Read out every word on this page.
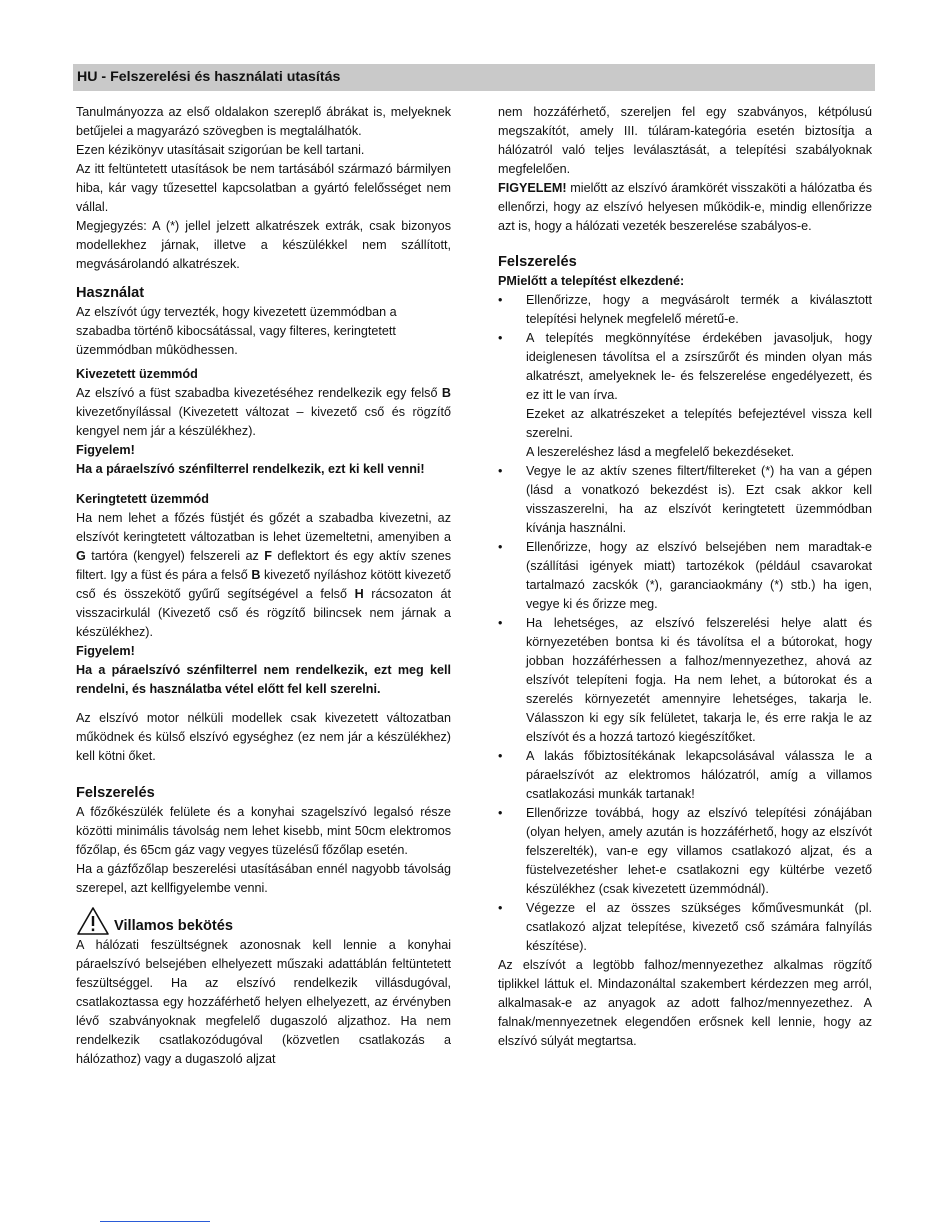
HU - Felszerelési és használati utasítás

Tanulmányozza az első oldalakon szereplő ábrákat is, melyeknek betűjelei a magyarázó szövegben is megtalálhatók.

Ezen kézikönyv utasításait szigorúan be kell tartani.

Az itt feltüntetett utasítások be nem tartásából származó bármilyen hiba, kár vagy tűzesettel kapcsolatban a gyártó felelősséget nem vállal.

Megjegyzés: A (*) jellel jelzett alkatrészek extrák, csak bizonyos modellekhez járnak, illetve a készülékkel nem szállított, megvásárolandó alkatrészek.

Használat

Az elszívót úgy tervezték, hogy kivezetett üzemmódban a szabadba történõ kibocsátással, vagy filteres, keringtetett üzemmódban mûködhessen.

Kivezetett üzemmód

Az elszívó a füst szabadba kivezetéséhez rendelkezik egy felső B kivezetőnyílással (Kivezetett változat – kivezető cső és rögzítő kengyel nem jár a készülékhez).

Figyelem!

Ha a páraelszívó szénfilterrel rendelkezik, ezt ki kell venni!

Keringtetett üzemmód

Ha nem lehet a főzés füstjét és gőzét a szabadba kivezetni, az elszívót keringtetett változatban is lehet üzemeltetni, amenyiben a G tartóra (kengyel) felszereli az F deflektort és egy aktív szenes filtert. Igy a füst és pára a felső B kivezető nyíláshoz kötött kivezető cső és összekötő gyűrű segítségével a felső H rácsozaton át visszacirkulál (Kivezető cső és rögzítő bilincsek nem járnak a készülékhez).

Figyelem!

Ha a páraelszívó szénfilterrel nem rendelkezik, ezt meg kell rendelni, és használatba vétel előtt fel kell szerelni.

Az elszívó motor nélküli modellek csak kivezetett változatban működnek és külső elszívó egységhez (ez nem jár a készülékhez) kell kötni őket.

Felszerelés

A főzőkészülék felülete és a konyhai szagelszívó legalsó része közötti minimális távolság nem lehet kisebb, mint 50cm elektromos főzőlap, és 65cm gáz vagy vegyes tüzelésű főzőlap esetén.

Ha a gázfőzőlap beszerelési utasításában ennél nagyobb távolság szerepel, azt kellfigyelembe venni.

Villamos bekötés

A hálózati feszültségnek azonosnak kell lennie a konyhai páraelszívó belsejében elhelyezett műszaki adattáblán feltüntetett feszültséggel. Ha az elszívó rendelkezik villásdugóval, csatlakoztassa egy hozzáférhető helyen elhelyezett, az érvényben lévő szabványoknak megfelelő dugaszoló aljzathoz. Ha nem rendelkezik csatlakozódugóval (közvetlen csatlakozás a hálózathoz) vagy a dugaszoló aljzat

nem hozzáférhető, szereljen fel egy szabványos, kétpólusú megszakítót, amely III. túláram-kategória esetén biztosítja a hálózatról való teljes leválasztását, a telepítési szabályoknak megfelelően.

FIGYELEM! mielőtt az elszívó áramkörét visszaköti a hálózatba és ellenőrzi, hogy az elszívó helyesen működik-e, mindig ellenőrizze azt is, hogy a hálózati vezeték beszerelése szabályos-e.

Felszerelés
PMielőtt a telepítést elkezdené:
• Ellenőrizze, hogy a megvásárolt termék a kiválasztott telepítési helynek megfelelő méretű-e.
• A telepítés megkönnyítése érdekében javasoljuk, hogy ideiglenesen távolítsa el a zsírszűrőt és minden olyan más alkatrészt, amelyeknek le- és felszerelése engedélyezett, és ez itt le van írva.
Ezeket az alkatrészeket a telepítés befejeztével vissza kell szerelni.
A leszereléshez lásd a megfelelő bekezdéseket.
• Vegye le az aktív szenes filtert/filtereket (*) ha van a gépen (lásd a vonatkozó bekezdést is). Ezt csak akkor kell visszaszerelni, ha az elszívót keringtetett üzemmódban kívánja használni.
• Ellenőrizze, hogy az elszívó belsejében nem maradtak-e (szállítási igények miatt) tartozékok (például csavarokat tartalmazó zacskók (*), garanciaokmány (*) stb.) ha igen, vegye ki és őrizze meg.
• Ha lehetséges, az elszívó felszerelési helye alatt és környezetében bontsa ki és távolítsa el a bútorokat, hogy jobban hozzáférhessen a falhoz/mennyezethez, ahová az elszívót telepíteni fogja. Ha nem lehet, a bútorokat és a szerelés környezetét amennyire lehetséges, takarja le. Válasszon ki egy sík felületet, takarja le, és erre rakja le az elszívót és a hozzá tartozó kiegészítőket.
• A lakás főbiztosítékának lekapcsolásával válassza le a páraelszívót az elektromos hálózatról, amíg a villamos csatlakozási munkák tartanak!
• Ellenőrizze továbbá, hogy az elszívó telepítési zónájában (olyan helyen, amely azután is hozzáférhető, hogy az elszívót felszerelték), van-e egy villamos csatlakozó aljzat, és a füstelvezetésher lehet-e csatlakozni egy kültérbe vezető készülékhez (csak kivezetett üzemmódnál).
• Végezze el az összes szükséges kőművesmunkát (pl. csatlakozó aljzat telepítése, kivezető cső számára falnyílás készítése).

Az elszívót a legtöbb falhoz/mennyezethez alkalmas rögzítő tiplikkel láttuk el. Mindazonáltal szakembert kérdezzen meg arról, alkalmasak-e az anyagok az adott falhoz/mennyezethez. A falnak/mennyezetnek elegendően erősnek kell lennie, hogy az elszívó súlyát megtartsa.
